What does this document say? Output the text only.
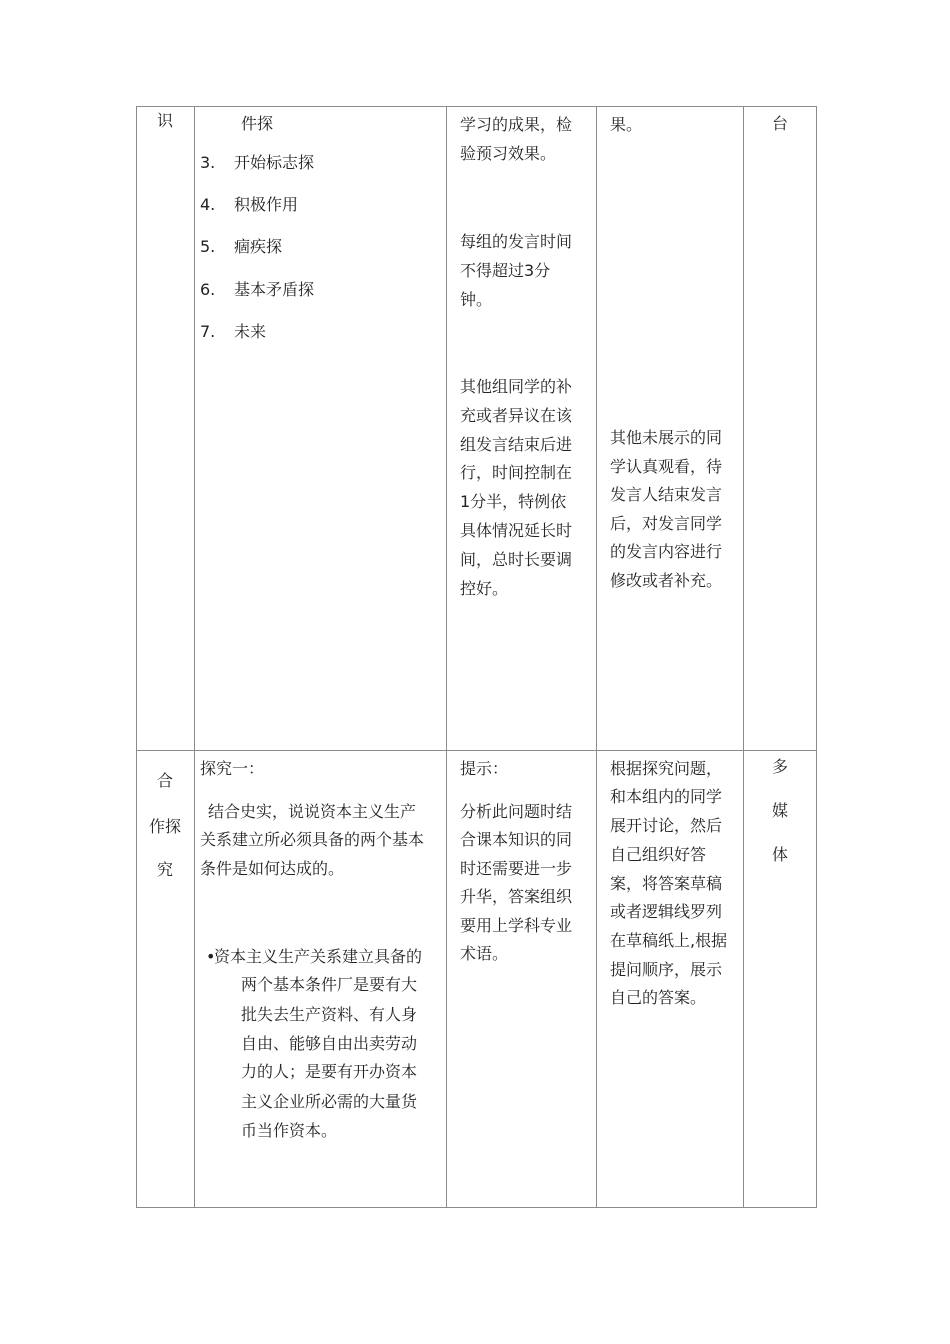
识	件探
3. 开始标志探
4. 积极作用
5. 痼疾探
6. 基本矛盾探
7. 未来
学习的成果，检
验预习效果。
每组的发言时间
不得超过3分
钟。
其他组同学的补
充或者异议在该
组发言结束后进
行，时间控制在
1分半，特例依
具体情况延长时
间，总时长要调
控好。
果。
其他未展示的同
学认真观看，待
发言人结束发言
后，对发言同学
的发言内容进行
修改或者补充。
台
合
作探
究
探究一：
结合史实，说说资本主义生产
关系建立所必须具备的两个基本
条件是如何达成的。
•
资本主义生产关系建立具备的
两个基本条件厂是要有大
批失去生产资料、有人身
自由、能够自由出卖劳动
力的人；是要有开办资本
主义企业所必需的大量货
币当作资本。
提示：
分析此问题时结
合课本知识的同
时还需要进一步
升华，答案组织
要用上学科专业
术语。
根据探究问题，
和本组内的同学
展开讨论，然后
自己组织好答
案，将答案草稿
或者逻辑线罗列
在草稿纸上,根据
提问顺序，展示
自己的答案。
多
媒
体
